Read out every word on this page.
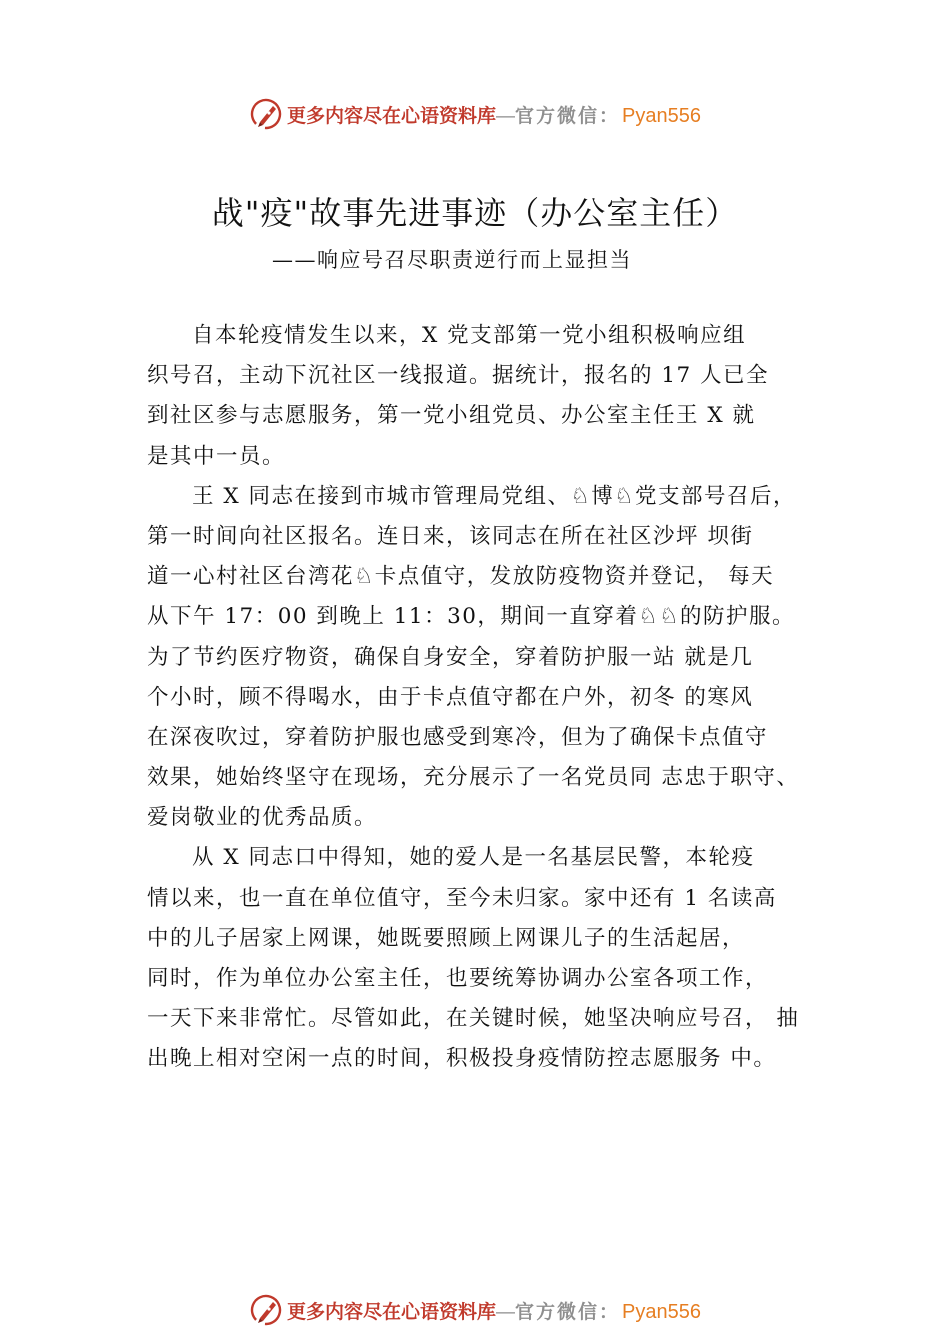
更多内容尽在心语资料库 — 官方微信： Pyan556
战"疫"故事先进事迹（办公室主任）
——响应号召尽职责逆行而上显担当
自本轮疫情发生以来，X 党支部第一党小组积极响应组
织号召，主动下沉社区一线报道。据统计，报名的 17 人已全
到社区参与志愿服务，第一党小组党员、办公室主任王 X 就
是其中一员。
王 X 同志在接到市城市管理局党组、♘博♘党支部号召后，
第一时间向社区报名。连日来，该同志在所在社区沙坪 坝街
道一心村社区台湾花♘卡点值守，发放防疫物资并登记， 每天
从下午 17：00 到晚上 11：30，期间一直穿着♘♘的防护服。
为了节约医疗物资，确保自身安全，穿着防护服一站 就是几
个小时，顾不得喝水，由于卡点值守都在户外，初冬 的寒风
在深夜吹过，穿着防护服也感受到寒冷，但为了确保卡点值守
效果，她始终坚守在现场，充分展示了一名党员同 志忠于职守、
爱岗敬业的优秀品质。
从 X 同志口中得知，她的爱人是一名基层民警，本轮疫
情以来，也一直在单位值守，至今未归家。家中还有 1 名读高
中的儿子居家上网课，她既要照顾上网课儿子的生活起居，
同时，作为单位办公室主任，也要统筹协调办公室各项工作，
一天下来非常忙。尽管如此，在关键时候，她坚决响应号召， 抽
出晚上相对空闲一点的时间，积极投身疫情防控志愿服务 中。
更多内容尽在心语资料库 — 官方微信： Pyan556
